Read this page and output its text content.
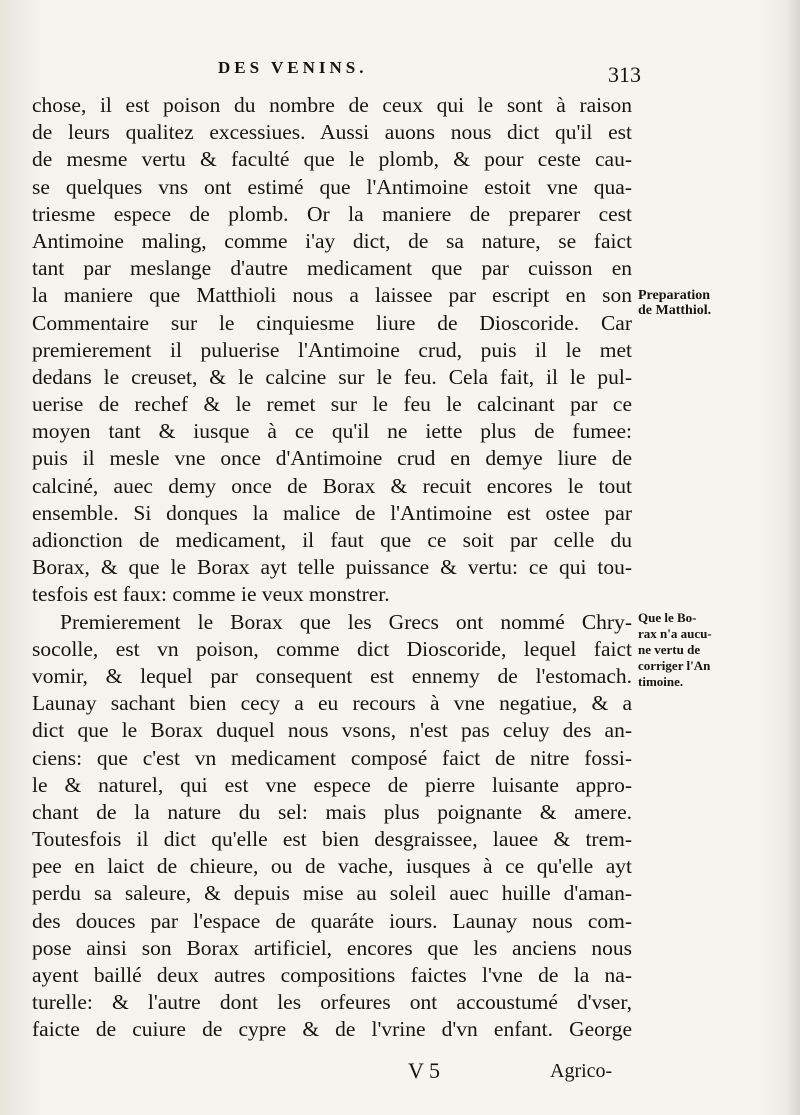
DES VENINS.	313
chose, il est poison du nombre de ceux qui le sont à raison
de leurs qualitez excessiues. Aussi auons nous dict qu'il est
de mesme vertu & faculté que le plomb, & pour ceste cau-
se quelques vns ont estimé que l'Antimoine estoit vne qua-
triesme espece de plomb. Or la maniere de preparer cest
Antimoine maling, comme i'ay dict, de sa nature, se faict
tant par meslange d'autre medicament que par cuisson en
la maniere que Matthioli nous a laissee par escript en son
Commentaire sur le cinquiesme liure de Dioscoride. Car
premierement il puluerise l'Antimoine crud, puis il le met
dedans le creuset, & le calcine sur le feu. Cela fait, il le pul-
uerise de rechef & le remet sur le feu le calcinant par ce
moyen tant & iusque à ce qu'il ne iette plus de fumee:
puis il mesle vne once d'Antimoine crud en demye liure de
calciné, auec demy once de Borax & recuit encores le tout
ensemble. Si donques la malice de l'Antimoine est ostee par
adionction de medicament, il faut que ce soit par celle du
Borax, & que le Borax ayt telle puissance & vertu: ce qui tou-
tesfois est faux: comme ie veux monstrer.
Premierement le Borax que les Grecs ont nommé Chry-
socolle, est vn poison, comme dict Dioscoride, lequel faict
vomir, & lequel par consequent est ennemy de l'estomach.
Launay sachant bien cecy a eu recours à vne negatiue, & a
dict que le Borax duquel nous vsons, n'est pas celuy des an-
ciens: que c'est vn medicament composé faict de nitre fossi-
le & naturel, qui est vne espece de pierre luisante appro-
chant de la nature du sel: mais plus poignante & amere.
Toutesfois il dict qu'elle est bien desgraissee, lauee & trem-
pee en laict de chieure, ou de vache, iusques à ce qu'elle ayt
perdu sa saleure, & depuis mise au soleil auec huille d'aman-
des douces par l'espace de quaráte iours. Launay nous com-
pose ainsi son Borax artificiel, encores que les anciens nous
ayent baillé deux autres compositions faictes l'vne de la na-
turelle: & l'autre dont les orfeures ont accoustumé d'vser,
faicte de cuiure de cypre & de l'vrine d'vn enfant. George
Preparation
de Matthiol.
Que le Bo-
rax n'a aucu-
ne vertu de
corriger l'An
timoine.
V 5	Agrico-
